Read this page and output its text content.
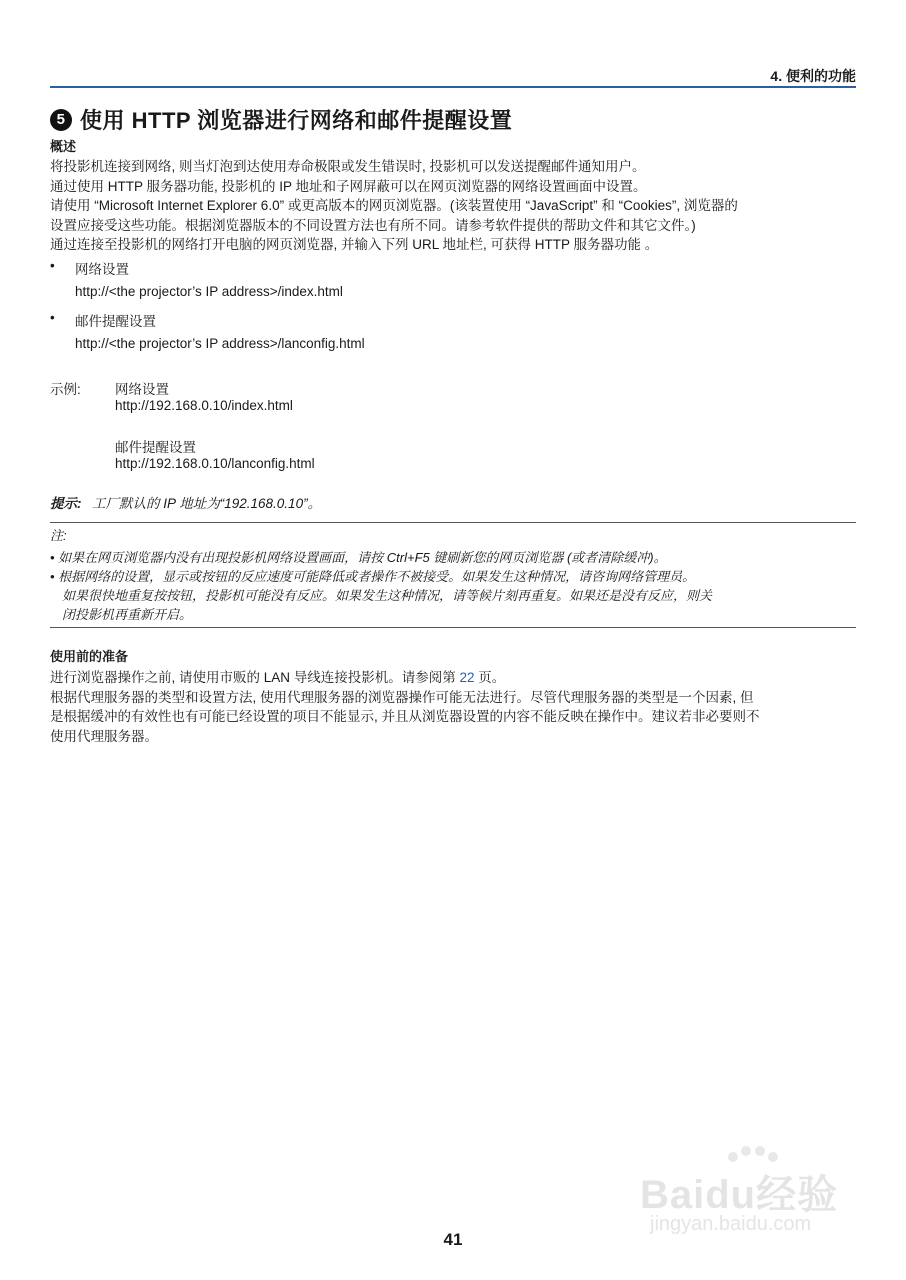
4. 便利的功能
5 使用 HTTP 浏览器进行网络和邮件提醒设置
概述

将投影机连接到网络, 则当灯泡到达使用寿命极限或发生错误时, 投影机可以发送提醒邮件通知用户。

通过使用 HTTP 服务器功能, 投影机的 IP 地址和子网屏蔽可以在网页浏览器的网络设置画面中设置。

请使用 “Microsoft Internet Explorer 6.0” 或更高版本的网页浏览器。(该装置使用 “JavaScript” 和 “Cookies”, 浏览器的

设置应接受这些功能。根据浏览器版本的不同设置方法也有所不同。请参考软件提供的帮助文件和其它文件。)

通过连接至投影机的网络打开电脑的网页浏览器, 并输入下列 URL 地址栏, 可获得 HTTP 服务器功能 。

• 网络设置
http://<the projector’s IP address>/index.html
• 邮件提醒设置
http://<the projector’s IP address>/lanconfig.html
示例:	网络设置
http://192.168.0.10/index.html
邮件提醒设置
http://192.168.0.10/lanconfig.html
提示: 工厂默认的 IP 地址为“192.168.0.10”。
注:
• 如果在网页浏览器内没有出现投影机网络设置画面，请按 Ctrl+F5 键刷新您的网页浏览器 (或者清除缓冲)。
• 根据网络的设置，显示或按钮的反应速度可能降低或者操作不被接受。如果发生这种情况，请咨询网络管理员。
如果很快地重复按按钮，投影机可能没有反应。如果发生这种情况，请等候片刻再重复。如果还是没有反应，则关
闭投影机再重新开启。
使用前的准备

进行浏览器操作之前, 请使用市贩的 LAN 导线连接投影机。请参阅第 22 页。

根据代理服务器的类型和设置方法, 使用代理服务器的浏览器操作可能无法进行。尽管代理服务器的类型是一个因素, 但

是根据缓冲的有效性也有可能已经设置的项目不能显示, 并且从浏览器设置的内容不能反映在操作中。建议若非必要则不

使用代理服务器。

Baidu经验
jingyan.baidu.com
41
